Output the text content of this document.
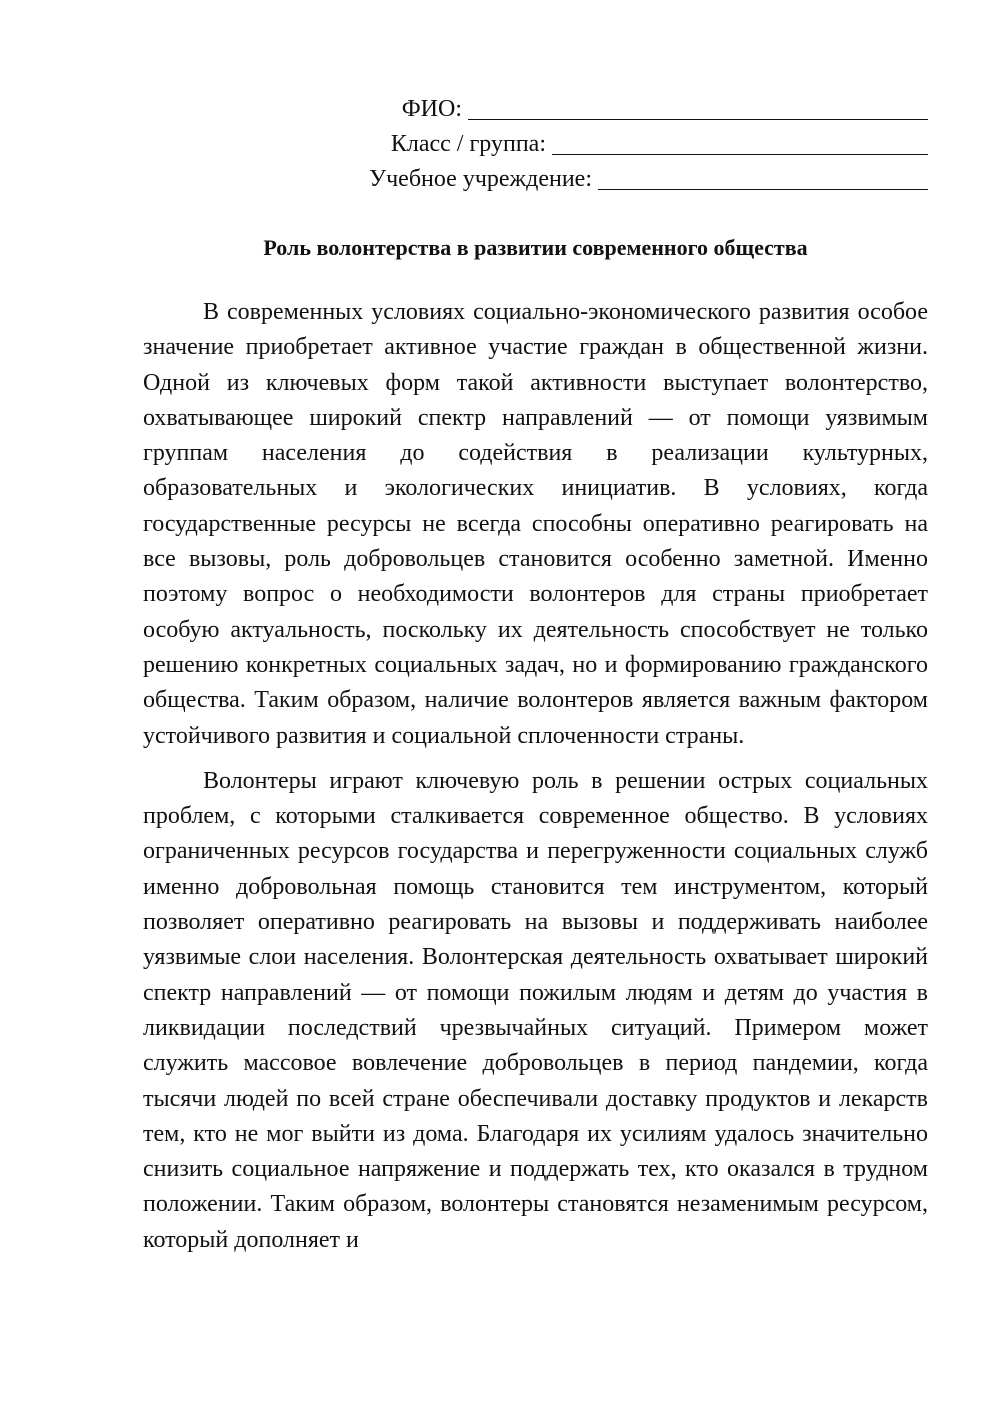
ФИО:
Класс / группа:
Учебное учреждение:
Роль волонтерства в развитии современного общества

В современных условиях социально-экономического развития особое значение приобретает активное участие граждан в общественной жизни. Одной из ключевых форм такой активности выступает волонтерство, охватывающее широкий спектр направлений — от помощи уязвимым группам населения до содействия в реализации культурных, образовательных и экологических инициатив. В условиях, когда государственные ресурсы не всегда способны оперативно реагировать на все вызовы, роль добровольцев становится особенно заметной. Именно поэтому вопрос о необходимости волонтеров для страны приобретает особую актуальность, поскольку их деятельность способствует не только решению конкретных социальных задач, но и формированию гражданского общества. Таким образом, наличие волонтеров является важным фактором устойчивого развития и социальной сплоченности страны.

Волонтеры играют ключевую роль в решении острых социальных проблем, с которыми сталкивается современное общество. В условиях ограниченных ресурсов государства и перегруженности социальных служб именно добровольная помощь становится тем инструментом, который позволяет оперативно реагировать на вызовы и поддерживать наиболее уязвимые слои населения. Волонтерская деятельность охватывает широкий спектр направлений — от помощи пожилым людям и детям до участия в ликвидации последствий чрезвычайных ситуаций. Примером может служить массовое вовлечение добровольцев в период пандемии, когда тысячи людей по всей стране обеспечивали доставку продуктов и лекарств тем, кто не мог выйти из дома. Благодаря их усилиям удалось значительно снизить социальное напряжение и поддержать тех, кто оказался в трудном положении. Таким образом, волонтеры становятся незаменимым ресурсом, который дополняет и
